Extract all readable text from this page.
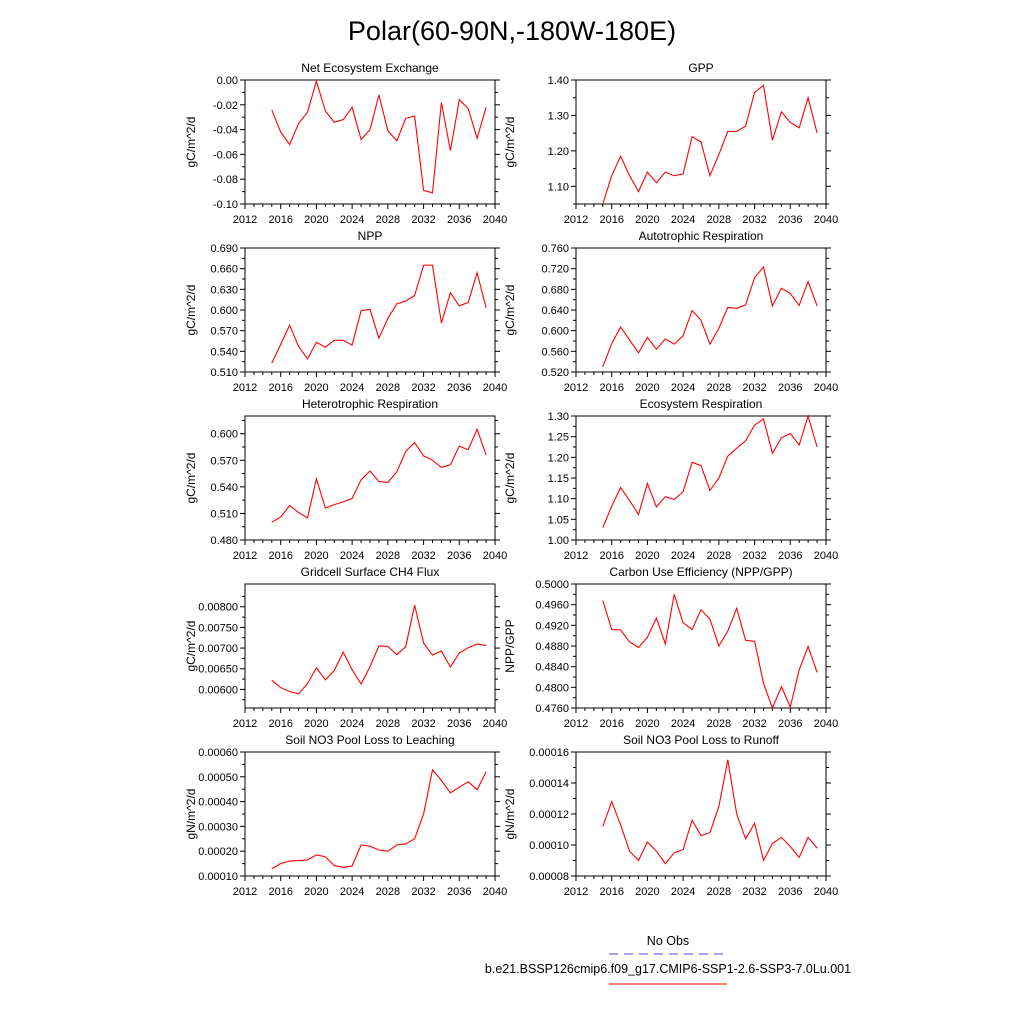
Polar(60-90N,-180W-180E)
Net Ecosystem Exchange
2012 2016 2020 2024 2028 2032 2036 2040
-0.10
-0.08
-0.06
-0.04
-0.02
0.00
gC/m^2/d
GPP
2012 2016 2020 2024 2028 2032 2036 2040
1.10
1.20
1.30
1.40
gC/m^2/d
NPP
2012 2016 2020 2024 2028 2032 2036 2040
0.510
0.540
0.570
0.600
0.630
0.660
0.690
gC/m^2/d
Autotrophic Respiration
2012 2016 2020 2024 2028 2032 2036 2040
0.520
0.560
0.600
0.640
0.680
0.720
0.760
gC/m^2/d
Heterotrophic Respiration
2012 2016 2020 2024 2028 2032 2036 2040
0.480
0.510
0.540
0.570
0.600
gC/m^2/d
Ecosystem Respiration
2012 2016 2020 2024 2028 2032 2036 2040
1.00
1.05
1.10
1.15
1.20
1.25
1.30
gC/m^2/d
Gridcell Surface CH4 Flux
2012 2016 2020 2024 2028 2032 2036 2040
0.00600
0.00650
0.00700
0.00750
0.00800
gC/m^2/d
Carbon Use Efficiency (NPP/GPP)
2012 2016 2020 2024 2028 2032 2036 2040
0.4760
0.4800
0.4840
0.4880
0.4920
0.4960
0.5000
NPP/GPP
Soil NO3 Pool Loss to Leaching
2012 2016 2020 2024 2028 2032 2036 2040
0.00010
0.00020
0.00030
0.00040
0.00050
0.00060
gN/m^2/d
Soil NO3 Pool Loss to Runoff
2012 2016 2020 2024 2028 2032 2036 2040
0.00008
0.00010
0.00012
0.00014
0.00016
gN/m^2/d
No Obs
b.e21.BSSP126cmip6.f09_g17.CMIP6-SSP1-2.6-SSP3-7.0Lu.001
